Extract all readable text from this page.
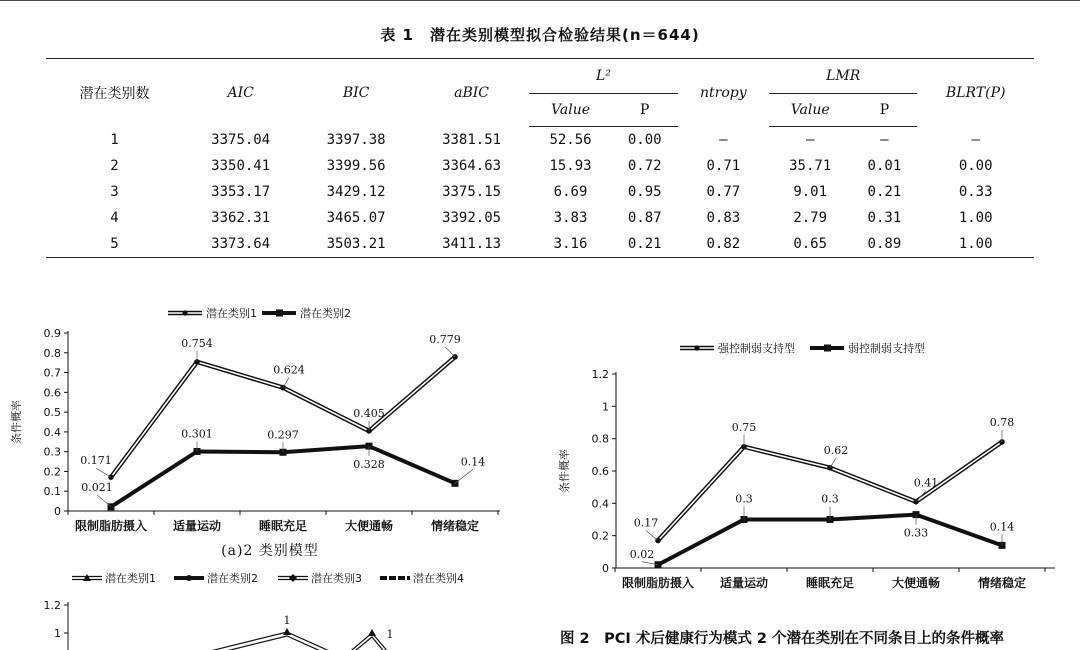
表 1　潜在类别模型拟合检验结果(n＝644)
潜在类别数	AIC	BIC	aBIC	L²		ntropy	LMR		BLRT(P)
				Value	P		Value	P	
1	3375.04	3397.38	3381.51	52.56	0.00	—	—	—	—
2	3350.41	3399.56	3364.63	15.93	0.72	0.71	35.71	0.01	0.00
3	3353.17	3429.12	3375.15	6.69	0.95	0.77	9.01	0.21	0.33
4	3362.31	3465.07	3392.05	3.83	0.87	0.83	2.79	0.31	1.00
5	3373.64	3503.21	3411.13	3.16	0.21	0.82	0.65	0.89	1.00
潜在类别1	潜在类别2
条件概率
0
0.1
0.2
0.3
0.4
0.5
0.6
0.7
0.8
0.9
限制脂肪摄入 适量运动	睡眠充足	大便通畅	情绪稳定
0.171
0.754
0.624
0.405
0.779
0.021
0.301	0.297
0.328	0.14
(a)2 类别模型
强控制弱支持型	弱控制弱支持型
条件概率
0
0.2
0.4
0.6
0.8
1
1.2
限制脂肪摄入 适量运动	睡眠充足	大便通畅	情绪稳定
0.17
0.75
0.62
0.41
0.78
0.02
0.3	0.3
0.33	0.14
潜在类别1	潜在类别2	潜在类别3	潜在类别4
1.2
1
1
1	图 2　PCI 术后健康行为模式 2 个潜在类别在不同条目上的条件概率
